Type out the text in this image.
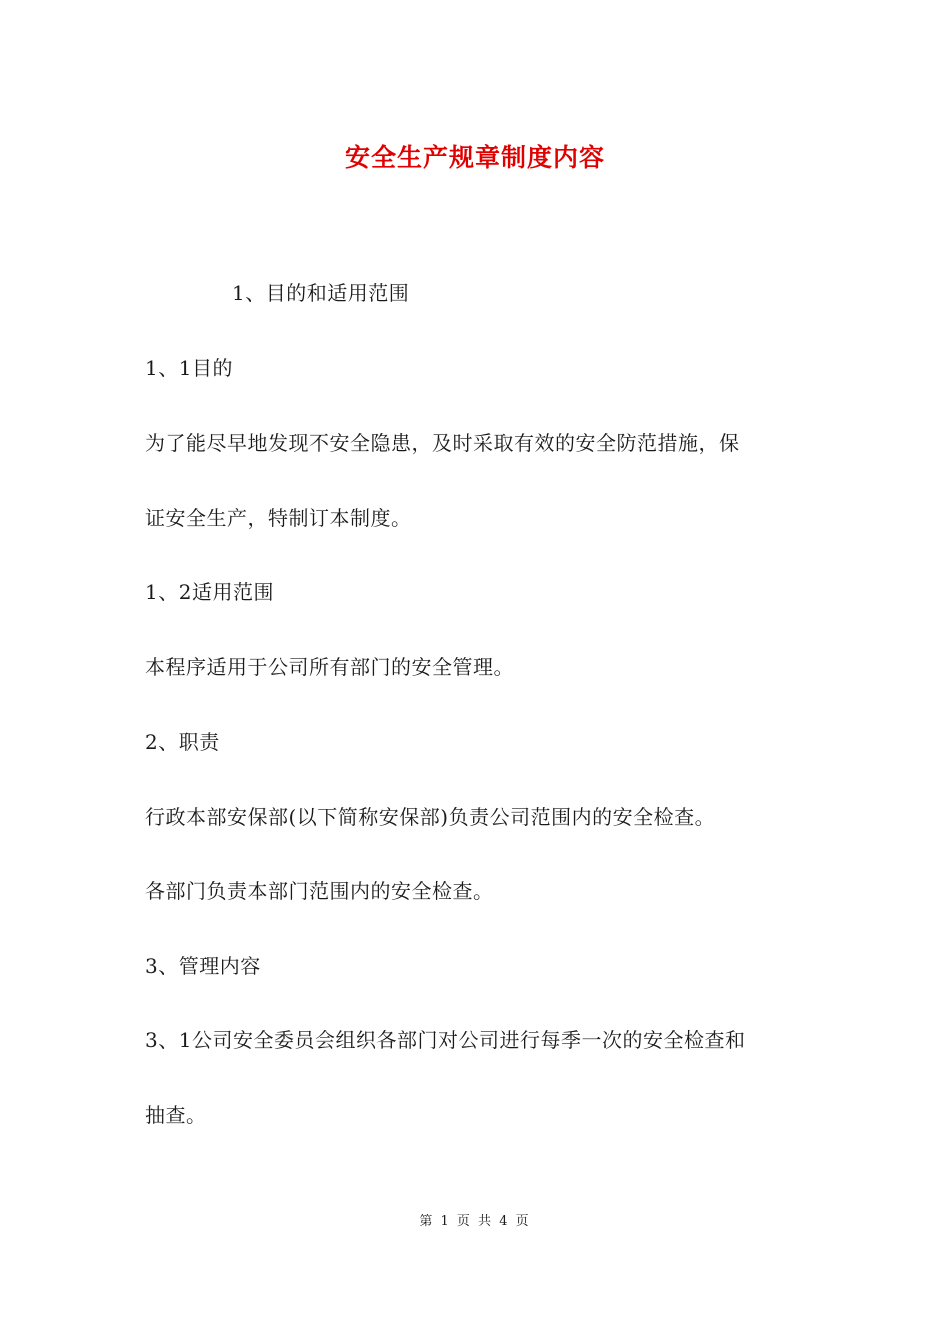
安全生产规章制度内容
1、目的和适用范围
1、1目的
为了能尽早地发现不安全隐患，及时采取有效的安全防范措施，保
证安全生产，特制订本制度。
1、2适用范围
本程序适用于公司所有部门的安全管理。
2、职责
行政本部安保部(以下简称安保部)负责公司范围内的安全检查。
各部门负责本部门范围内的安全检查。
3、管理内容
3、1公司安全委员会组织各部门对公司进行每季一次的安全检查和
抽查。
第 1 页 共 4 页
